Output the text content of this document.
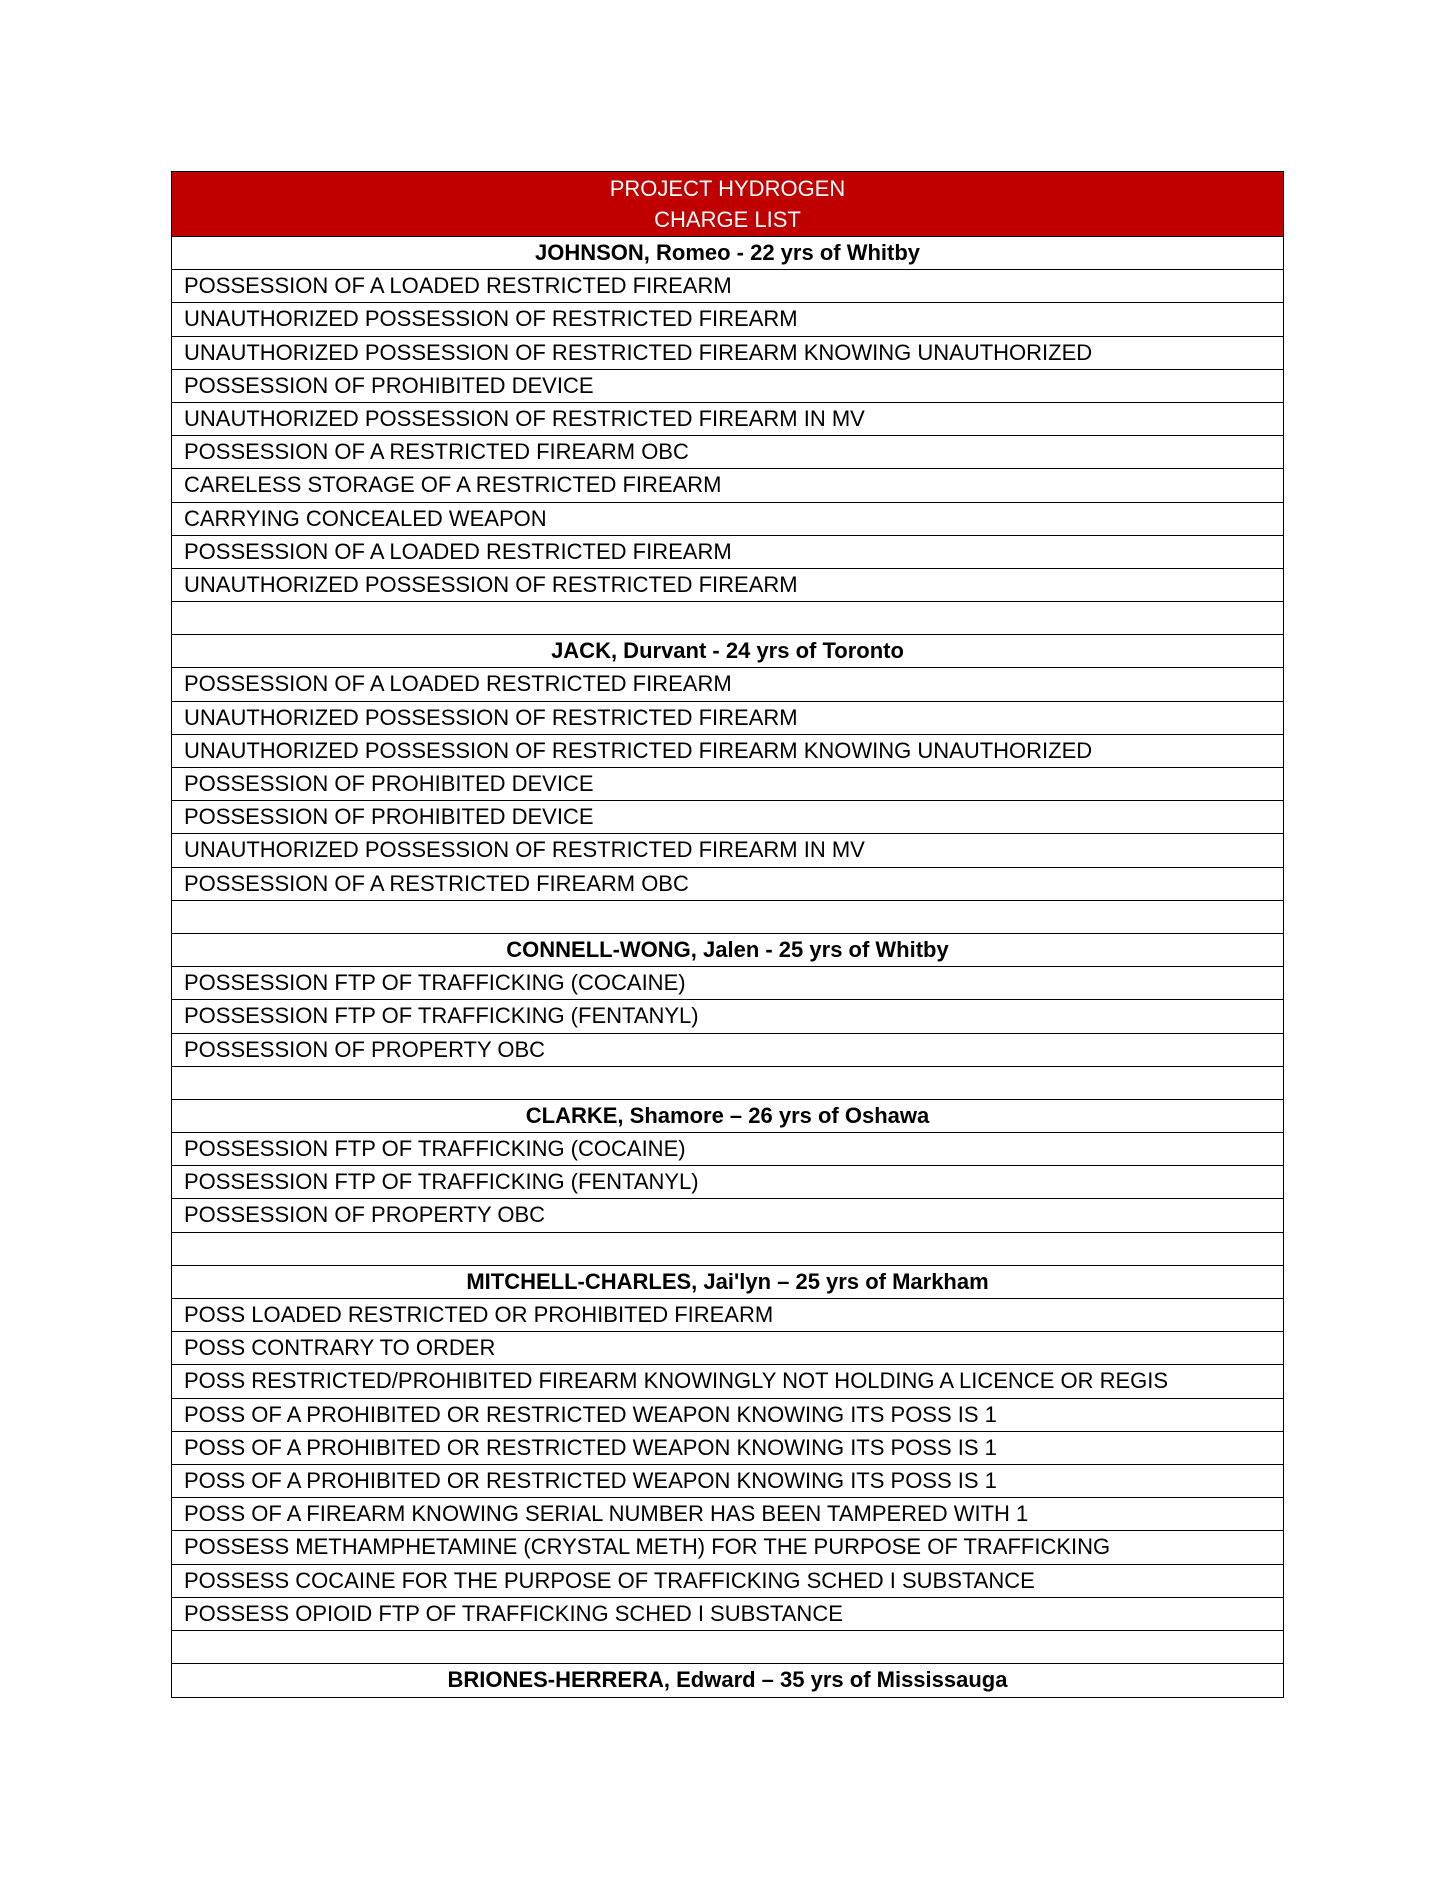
PROJECT HYDROGEN
CHARGE LIST
JOHNSON, Romeo - 22 yrs of Whitby
POSSESSION OF A LOADED RESTRICTED FIREARM
UNAUTHORIZED POSSESSION OF RESTRICTED FIREARM
UNAUTHORIZED POSSESSION OF RESTRICTED FIREARM KNOWING UNAUTHORIZED
POSSESSION OF PROHIBITED DEVICE
UNAUTHORIZED POSSESSION OF RESTRICTED FIREARM IN MV
POSSESSION OF A RESTRICTED FIREARM OBC
CARELESS STORAGE OF A RESTRICTED FIREARM
CARRYING CONCEALED WEAPON
POSSESSION OF A LOADED RESTRICTED FIREARM
UNAUTHORIZED POSSESSION OF RESTRICTED FIREARM
JACK, Durvant - 24 yrs of Toronto
POSSESSION OF A LOADED RESTRICTED FIREARM
UNAUTHORIZED POSSESSION OF RESTRICTED FIREARM
UNAUTHORIZED POSSESSION OF RESTRICTED FIREARM KNOWING UNAUTHORIZED
POSSESSION OF PROHIBITED DEVICE
POSSESSION OF PROHIBITED DEVICE
UNAUTHORIZED POSSESSION OF RESTRICTED FIREARM IN MV
POSSESSION OF A RESTRICTED FIREARM OBC
CONNELL-WONG, Jalen - 25 yrs of Whitby
POSSESSION FTP OF TRAFFICKING (COCAINE)
POSSESSION FTP OF TRAFFICKING (FENTANYL)
POSSESSION OF PROPERTY OBC
CLARKE, Shamore – 26 yrs of Oshawa
POSSESSION FTP OF TRAFFICKING (COCAINE)
POSSESSION FTP OF TRAFFICKING (FENTANYL)
POSSESSION OF PROPERTY OBC
MITCHELL-CHARLES, Jai'lyn – 25 yrs of Markham
POSS LOADED RESTRICTED OR PROHIBITED FIREARM
POSS CONTRARY TO ORDER
POSS RESTRICTED/PROHIBITED FIREARM KNOWINGLY NOT HOLDING A LICENCE OR REGIS
POSS OF A PROHIBITED OR RESTRICTED WEAPON KNOWING ITS POSS IS 1
POSS OF A PROHIBITED OR RESTRICTED WEAPON KNOWING ITS POSS IS 1
POSS OF A PROHIBITED OR RESTRICTED WEAPON KNOWING ITS POSS IS 1
POSS OF A FIREARM KNOWING SERIAL NUMBER HAS BEEN TAMPERED WITH 1
POSSESS METHAMPHETAMINE (CRYSTAL METH) FOR THE PURPOSE OF TRAFFICKING
POSSESS COCAINE FOR THE PURPOSE OF TRAFFICKING SCHED I SUBSTANCE
POSSESS OPIOID FTP OF TRAFFICKING SCHED I SUBSTANCE
BRIONES-HERRERA, Edward – 35 yrs of Mississauga
